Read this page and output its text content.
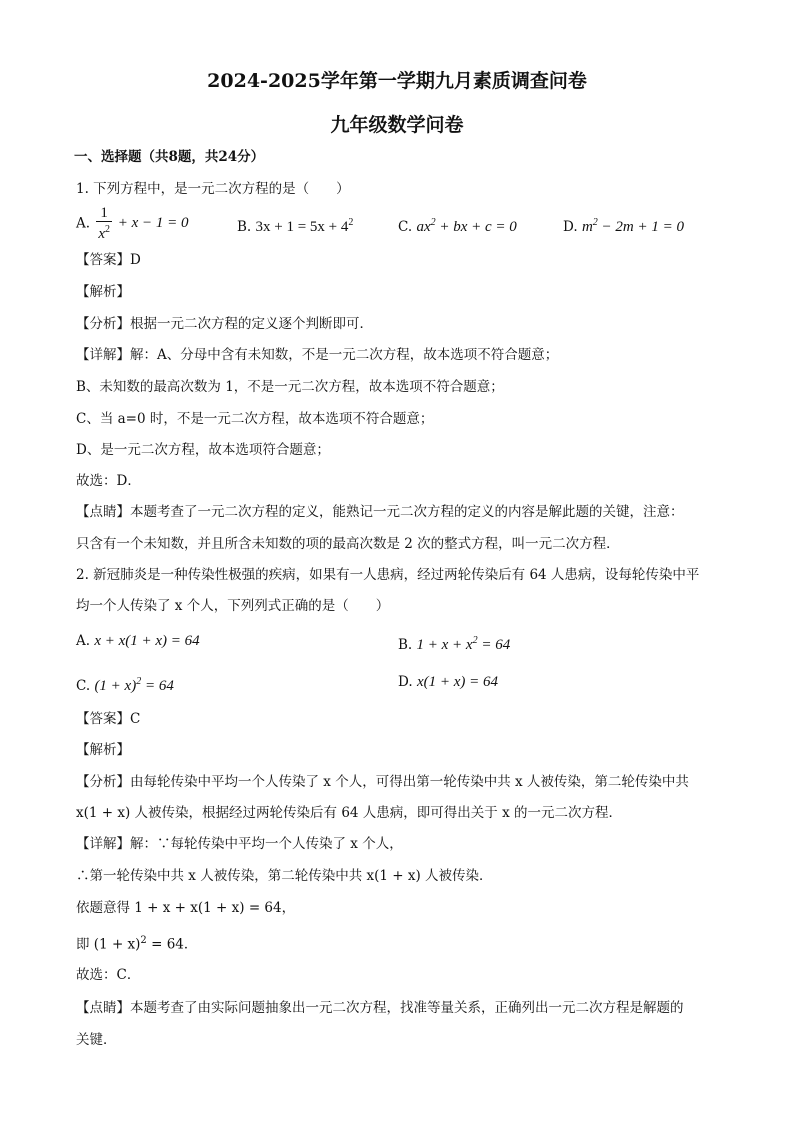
2024-2025学年第一学期九月素质调查问卷
九年级数学问卷
一、选择题（共8题，共24分）
1. 下列方程中，是一元二次方程的是（　　）
A. $\frac{1}{x^2} + x - 1 = 0$	B. $3x + 1 = 5x + 4^2$	C. $ax^2$ + bx + c = 0	D. $m^2 - 2m + 1 = 0$
【答案】D
【解析】
【分析】根据一元二次方程的定义逐个判断即可．
【详解】解：A、分母中含有未知数，不是一元二次方程，故本选项不符合题意；
B、未知数的最高次数为 1，不是一元二次方程，故本选项不符合题意；
C、当 a=0 时，不是一元二次方程，故本选项不符合题意；
D、是一元二次方程，故本选项符合题意；
故选：D．
【点睛】本题考查了一元二次方程的定义，能熟记一元二次方程的定义的内容是解此题的关键，注意：
只含有一个未知数，并且所含未知数的项的最高次数是 2 次的整式方程，叫一元二次方程．
2. 新冠肺炎是一种传染性极强的疾病，如果有一人患病，经过两轮传染后有 64 人患病，设每轮传染中平
均一个人传染了 x 个人，下列列式正确的是（　　）
A. x + x(1 + x) = 64	B. $1 + x + x^2 = 64$
C. $(1 + x)^2 = 64$	D. x(1 + x) = 64
【答案】C
【解析】
【分析】由每轮传染中平均一个人传染了 x 个人，可得出第一轮传染中共 x 人被传染，第二轮传染中共
x(1 + x) 人被传染，根据经过两轮传染后有 64 人患病，即可得出关于 x 的一元二次方程．
【详解】解：∵每轮传染中平均一个人传染了 x 个人，
∴第一轮传染中共 x 人被传染，第二轮传染中共 x(1 + x) 人被传染．
依题意得 1 + x + x(1 + x) = 64，
即 $(1 + x)^2 = 64$．
故选：C．
【点睛】本题考查了由实际问题抽象出一元二次方程，找准等量关系，正确列出一元二次方程是解题的
关键．
